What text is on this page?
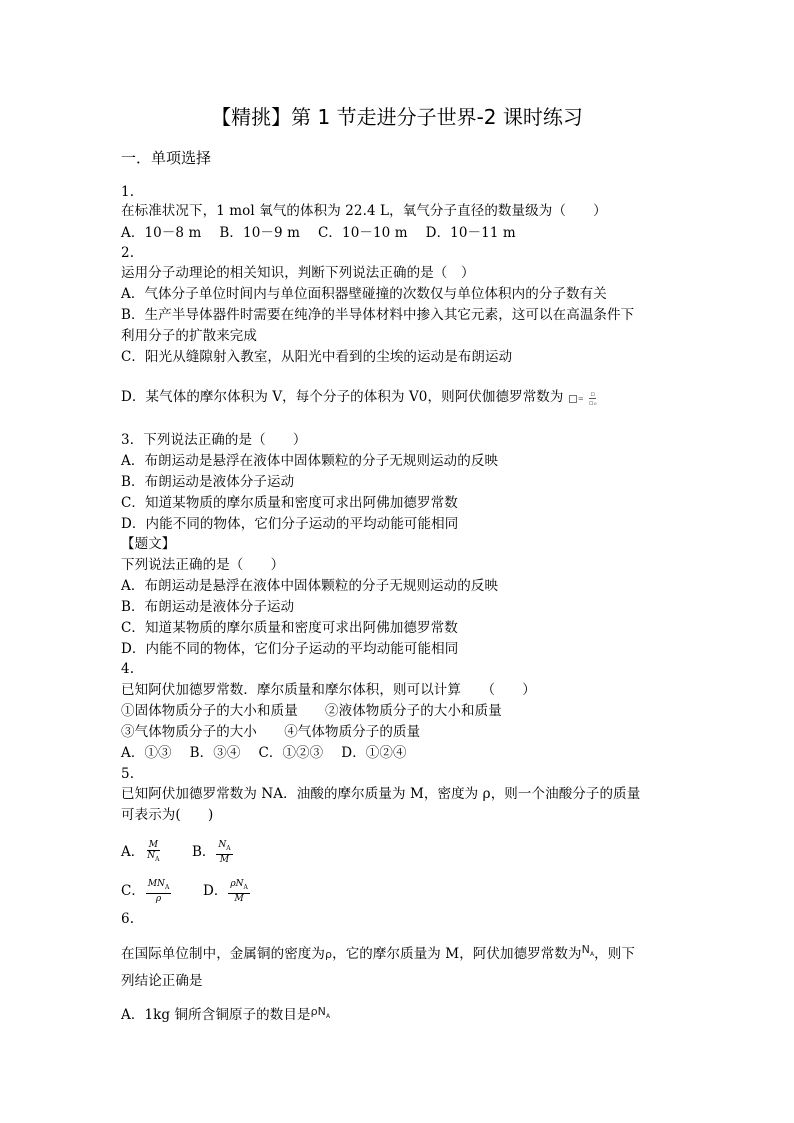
【精挑】第 1 节走进分子世界-2 课时练习
一．单项选择
1.
在标准状况下，1 mol 氧气的体积为 22.4 L，氧气分子直径的数量级为（　　）
A．10－8 m　 B．10－9 m　 C．10－10 m　 D．10－11 m
2.
运用分子动理论的相关知识，判断下列说法正确的是（　）
A．气体分子单位时间内与单位面积器壁碰撞的次数仅与单位体积内的分子数有关
B．生产半导体器件时需要在纯净的半导体材料中掺入其它元素，这可以在高温条件下
利用分子的扩散来完成
C．阳光从缝隙射入教室，从阳光中看到的尘埃的运动是布朗运动
D．某气体的摩尔体积为 V，每个分子的体积为 V0，则阿伏伽德罗常数为 = $\frac{▫}{\text{▫₀}}$
3．下列说法正确的是（　　）
A．布朗运动是悬浮在液体中固体颗粒的分子无规则运动的反映
B．布朗运动是液体分子运动
C．知道某物质的摩尔质量和密度可求出阿佛加德罗常数
D．内能不同的物体，它们分子运动的平均动能可能相同
【题文】
下列说法正确的是（　　）
A．布朗运动是悬浮在液体中固体颗粒的分子无规则运动的反映
B．布朗运动是液体分子运动
C．知道某物质的摩尔质量和密度可求出阿佛加德罗常数
D．内能不同的物体，它们分子运动的平均动能可能相同
4.
已知阿伏加德罗常数．摩尔质量和摩尔体积，则可以计算　　（　　）
①固体物质分子的大小和质量　　②液体物质分子的大小和质量
③气体物质分子的大小　　④气体物质分子的质量
A．①③　 B．③④　 C．①②③　 D．①②④
5.
已知阿伏加德罗常数为 NA．油酸的摩尔质量为 M，密度为 ρ，则一个油酸分子的质量
可表示为(　　)
A． $\frac{M}{N_A}$ B． $\frac{N_A}{M}$
C． $\frac{MN_A}{\rho}$ D． $\frac{\rho N_A}{M}$
6.
在国际单位制中，金属铜的密度为ρ，它的摩尔质量为 M，阿伏加德罗常数为$^{N_A}$，则下
列结论正确是
A．1kg 铜所含铜原子的数目是$^{\rho N_A}$
